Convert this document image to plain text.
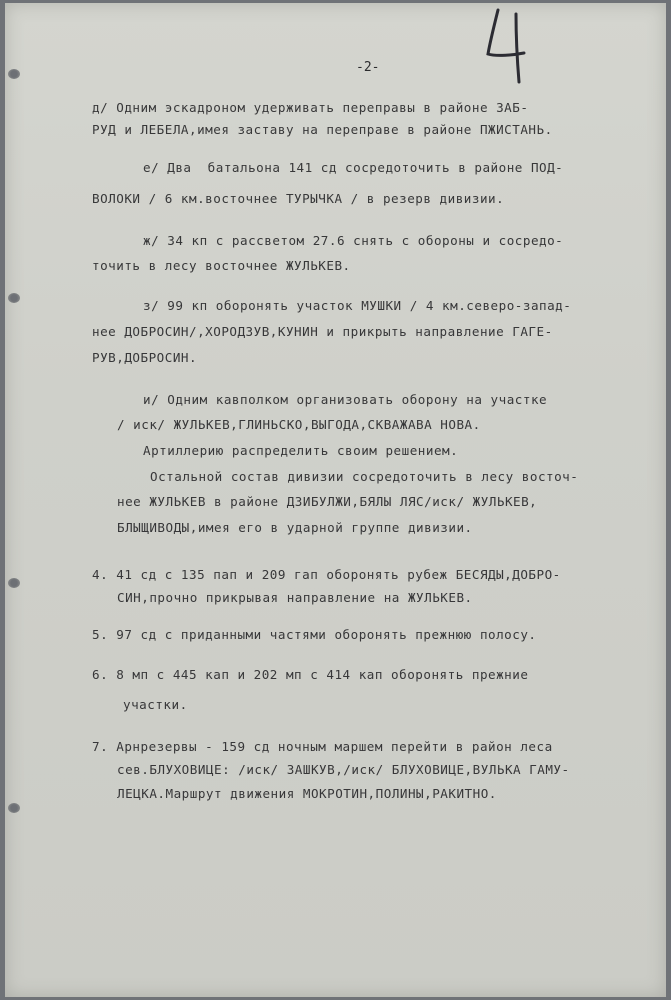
-2-
д/ Одним эскадроном удерживать переправы в районе ЗАБ-
РУД и ЛЕБЕЛА,имея заставу на переправе в районе ПЖИСТАНЬ.
е/ Два  батальона 141 сд сосредоточить в районе ПОД-
ВОЛОКИ / 6 км.восточнее ТУРЫЧКА / в резерв дивизии.
ж/ 34 кп с рассветом 27.6 снять с обороны и сосредо-
точить в лесу восточнее ЖУЛЬКЕВ.
з/ 99 кп оборонять участок МУШКИ / 4 км.северо-запад-
нее ДОБРОСИН/,ХОРОДЗУВ,КУНИН и прикрыть направление ГАГЕ-
РУВ,ДОБРОСИН.
и/ Одним кавполком организовать оборону на участке
/ иск/ ЖУЛЬКЕВ,ГЛИНЬСКО,ВЫГОДА,СКВАЖАВА НОВА.
Артиллерию распределить своим решением.
Остальной состав дивизии сосредоточить в лесу восточ-
нее ЖУЛЬКЕВ в районе ДЗИБУЛЖИ,БЯЛЫ ЛЯС/иск/ ЖУЛЬКЕВ,
БЛЫЩИВОДЫ,имея его в ударной группе дивизии.
4. 41 сд с 135 пап и 209 гап оборонять рубеж БЕСЯДЫ,ДОБРО-
СИН,прочно прикрывая направление на ЖУЛЬКЕВ.
5. 97 сд с приданными частями оборонять прежнюю полосу.
6. 8 мп с 445 кап и 202 мп с 414 кап оборонять прежние
участки.
7. Арнрезервы - 159 сд ночным маршем перейти в район леса
сев.БЛУХОВИЦЕ: /иск/ ЗАШКУВ,/иск/ БЛУХОВИЦЕ,ВУЛЬКА ГАМУ-
ЛЕЦКА.Маршрут движения МОКРОТИН,ПОЛИНЫ,РАКИТНО.
